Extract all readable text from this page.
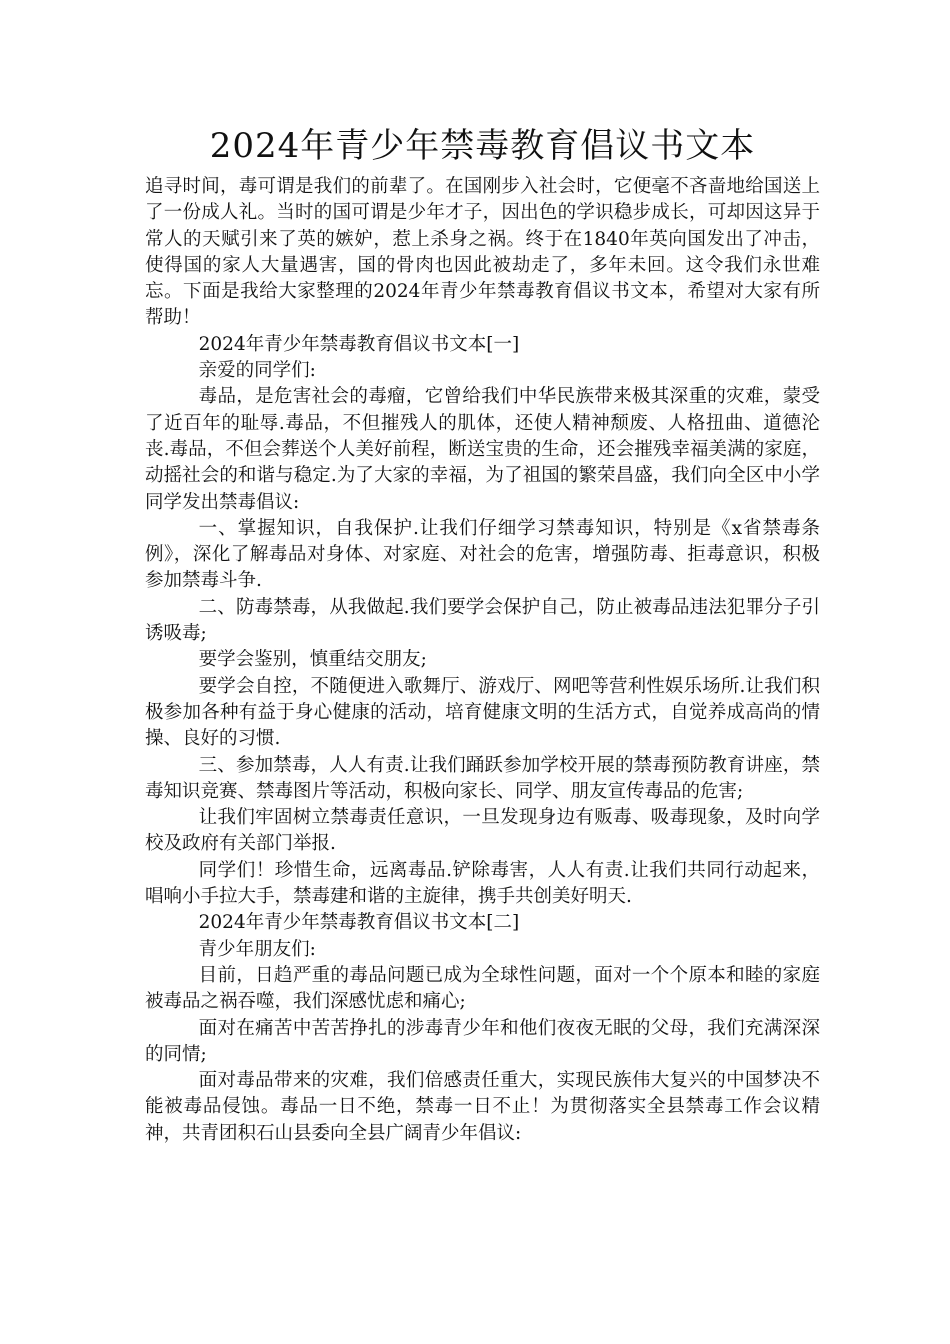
2024年青少年禁毒教育倡议书文本

追寻时间，毒可谓是我们的前辈了。在国刚步入社会时，它便毫不吝啬地给国送上了一份成人礼。当时的国可谓是少年才子，因出色的学识稳步成长，可却因这异于常人的天赋引来了英的嫉妒，惹上杀身之祸。终于在1840年英向国发出了冲击，使得国的家人大量遇害，国的骨肉也因此被劫走了，多年未回。这令我们永世难忘。下面是我给大家整理的2024年青少年禁毒教育倡议书文本，希望对大家有所帮助！

2024年青少年禁毒教育倡议书文本[一]

亲爱的同学们:

毒品，是危害社会的毒瘤，它曾给我们中华民族带来极其深重的灾难，蒙受了近百年的耻辱.毒品，不但摧残人的肌体，还使人精神颓废、人格扭曲、道德沦丧.毒品，不但会葬送个人美好前程，断送宝贵的生命，还会摧残幸福美满的家庭，动摇社会的和谐与稳定.为了大家的幸福，为了祖国的繁荣昌盛，我们向全区中小学同学发出禁毒倡议:

一、掌握知识，自我保护.让我们仔细学习禁毒知识，特别是《x省禁毒条例》，深化了解毒品对身体、对家庭、对社会的危害，增强防毒、拒毒意识，积极参加禁毒斗争.

二、防毒禁毒，从我做起.我们要学会保护自己，防止被毒品违法犯罪分子引诱吸毒;

要学会鉴别，慎重结交朋友;

要学会自控，不随便进入歌舞厅、游戏厅、网吧等营利性娱乐场所.让我们积极参加各种有益于身心健康的活动，培育健康文明的生活方式，自觉养成高尚的情操、良好的习惯.

三、参加禁毒，人人有责.让我们踊跃参加学校开展的禁毒预防教育讲座，禁毒知识竞赛、禁毒图片等活动，积极向家长、同学、朋友宣传毒品的危害;

让我们牢固树立禁毒责任意识，一旦发现身边有贩毒、吸毒现象，及时向学校及政府有关部门举报.

同学们！珍惜生命，远离毒品.铲除毒害，人人有责.让我们共同行动起来，唱响小手拉大手，禁毒建和谐的主旋律，携手共创美好明天.

2024年青少年禁毒教育倡议书文本[二]

青少年朋友们:

目前，日趋严重的毒品问题已成为全球性问题，面对一个个原本和睦的家庭被毒品之祸吞噬，我们深感忧虑和痛心;

面对在痛苦中苦苦挣扎的涉毒青少年和他们夜夜无眠的父母，我们充满深深的同情;

面对毒品带来的灾难，我们倍感责任重大，实现民族伟大复兴的中国梦决不能被毒品侵蚀。毒品一日不绝，禁毒一日不止！为贯彻落实全县禁毒工作会议精神，共青团积石山县委向全县广阔青少年倡议:
